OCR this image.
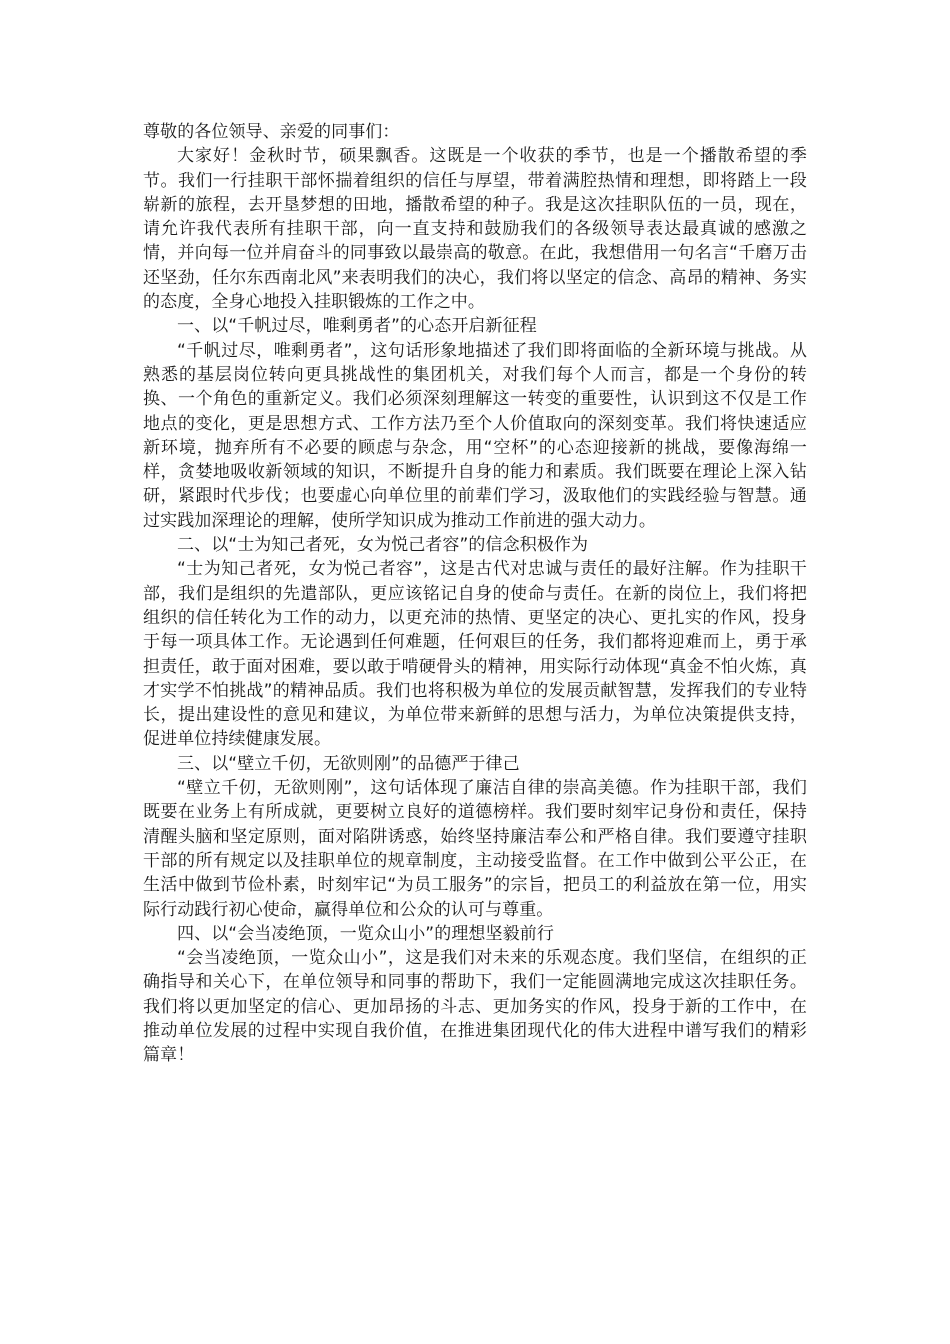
尊敬的各位领导、亲爱的同事们：

大家好！金秋时节，硕果飘香。这既是一个收获的季节，也是一个播散希望的季节。我们一行挂职干部怀揣着组织的信任与厚望，带着满腔热情和理想，即将踏上一段崭新的旅程，去开垦梦想的田地，播散希望的种子。我是这次挂职队伍的一员，现在，请允许我代表所有挂职干部，向一直支持和鼓励我们的各级领导表达最真诚的感激之情，并向每一位并肩奋斗的同事致以最崇高的敬意。在此，我想借用一句名言“千磨万击还坚劲，任尔东西南北风”来表明我们的决心，我们将以坚定的信念、高昂的精神、务实的态度，全身心地投入挂职锻炼的工作之中。

一、以“千帆过尽，唯剩勇者”的心态开启新征程

“千帆过尽，唯剩勇者”，这句话形象地描述了我们即将面临的全新环境与挑战。从熟悉的基层岗位转向更具挑战性的集团机关，对我们每个人而言，都是一个身份的转换、一个角色的重新定义。我们必须深刻理解这一转变的重要性，认识到这不仅是工作地点的变化，更是思想方式、工作方法乃至个人价值取向的深刻变革。我们将快速适应新环境，抛弃所有不必要的顾虑与杂念，用“空杯”的心态迎接新的挑战，要像海绵一样，贪婪地吸收新领域的知识，不断提升自身的能力和素质。我们既要在理论上深入钻研，紧跟时代步伐；也要虚心向单位里的前辈们学习，汲取他们的实践经验与智慧。通过实践加深理论的理解，使所学知识成为推动工作前进的强大动力。

二、以“士为知己者死，女为悦己者容”的信念积极作为

“士为知己者死，女为悦己者容”，这是古代对忠诚与责任的最好注解。作为挂职干部，我们是组织的先遣部队，更应该铭记自身的使命与责任。在新的岗位上，我们将把组织的信任转化为工作的动力，以更充沛的热情、更坚定的决心、更扎实的作风，投身于每一项具体工作。无论遇到任何难题，任何艰巨的任务，我们都将迎难而上，勇于承担责任，敢于面对困难，要以敢于啃硬骨头的精神，用实际行动体现“真金不怕火炼，真才实学不怕挑战”的精神品质。我们也将积极为单位的发展贡献智慧，发挥我们的专业特长，提出建设性的意见和建议，为单位带来新鲜的思想与活力，为单位决策提供支持，促进单位持续健康发展。

三、以“壁立千仞，无欲则刚”的品德严于律己

“壁立千仞，无欲则刚”，这句话体现了廉洁自律的崇高美德。作为挂职干部，我们既要在业务上有所成就，更要树立良好的道德榜样。我们要时刻牢记身份和责任，保持清醒头脑和坚定原则，面对陷阱诱惑，始终坚持廉洁奉公和严格自律。我们要遵守挂职干部的所有规定以及挂职单位的规章制度，主动接受监督。在工作中做到公平公正，在生活中做到节俭朴素，时刻牢记“为员工服务”的宗旨，把员工的利益放在第一位，用实际行动践行初心使命，赢得单位和公众的认可与尊重。

四、以“会当凌绝顶，一览众山小”的理想坚毅前行

“会当凌绝顶，一览众山小”，这是我们对未来的乐观态度。我们坚信，在组织的正确指导和关心下，在单位领导和同事的帮助下，我们一定能圆满地完成这次挂职任务。我们将以更加坚定的信心、更加昂扬的斗志、更加务实的作风，投身于新的工作中，在推动单位发展的过程中实现自我价值，在推进集团现代化的伟大进程中谱写我们的精彩篇章！
